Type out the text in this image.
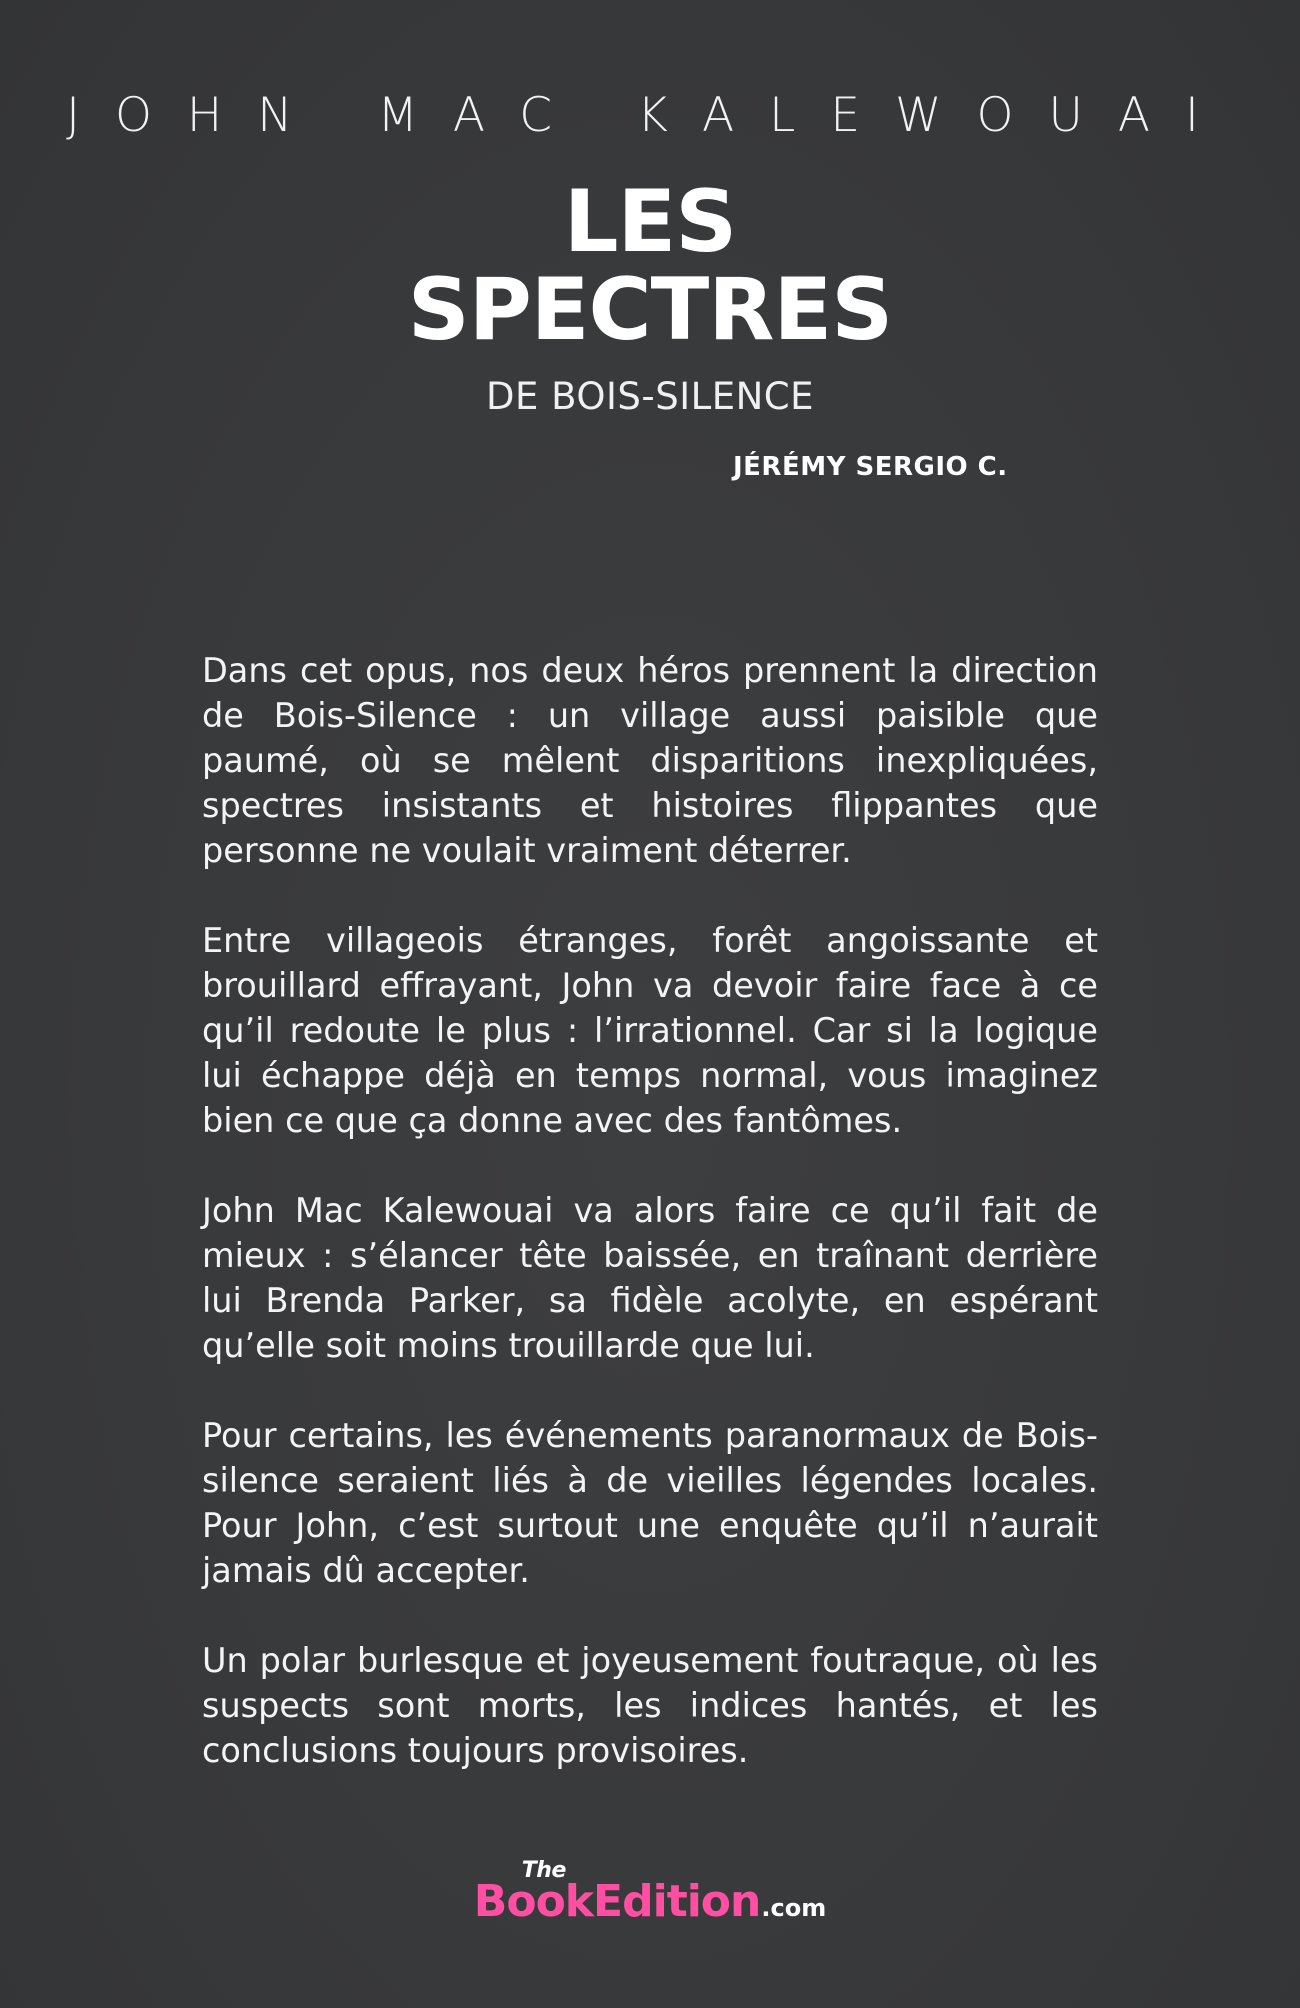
JOHN MAC KALEWOUAI
LES
SPECTRES
DE BOIS-SILENCE
JÉRÉMY SERGIO C.

Dans cet opus, nos deux héros prennent la direction de Bois-Silence : un village aussi paisible que paumé, où se mêlent disparitions inexpliquées, spectres insistants et histoires flippantes que personne ne voulait vraiment déterrer.

Entre villageois étranges, forêt angoissante et brouillard effrayant, John va devoir faire face à ce qu’il redoute le plus : l’irrationnel. Car si la logique lui échappe déjà en temps normal, vous imaginez bien ce que ça donne avec des fantômes.

John Mac Kalewouai va alors faire ce qu’il fait de mieux : s’élancer tête baissée, en traînant derrière lui Brenda Parker, sa fidèle acolyte, en espérant qu’elle soit moins trouillarde que lui.

Pour certains, les événements paranormaux de Bois-silence seraient liés à de vieilles légendes locales. Pour John, c’est surtout une enquête qu’il n’aurait jamais dû accepter.

Un polar burlesque et joyeusement foutraque, où les suspects sont morts, les indices hantés, et les conclusions toujours provisoires.

The
BookEdition.com
